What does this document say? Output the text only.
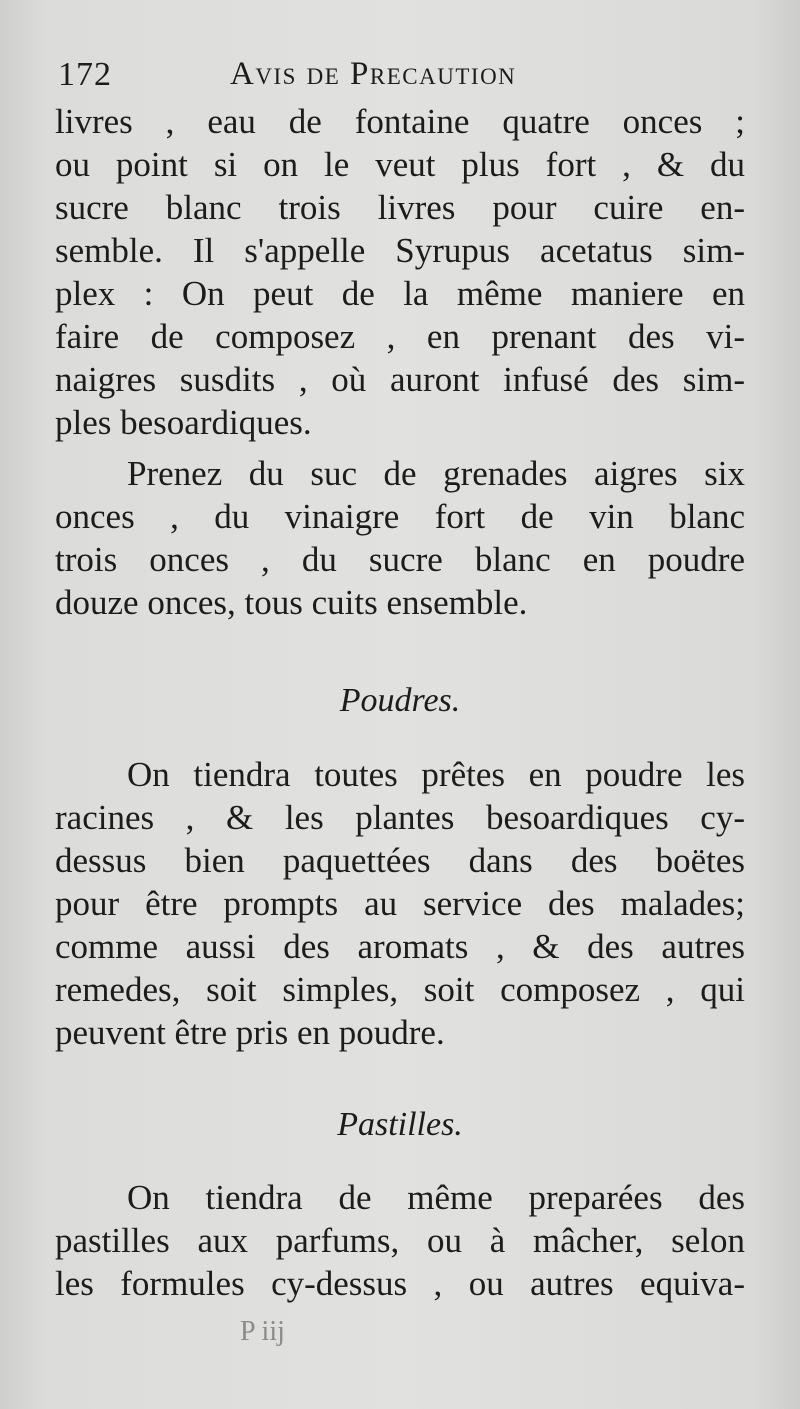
172	Avis de Precaution
livres , eau de fontaine quatre onces ;
ou point si on le veut plus fort , & du
sucre blanc trois livres pour cuire en-
semble. Il s'appelle Syrupus acetatus sim-
plex : On peut de la même maniere en
faire de composez , en prenant des vi-
naigres susdits , où auront infusé des sim-
ples besoardiques.
Prenez du suc de grenades aigres six
onces , du vinaigre fort de vin blanc
trois onces , du sucre blanc en poudre
douze onces, tous cuits ensemble.
Poudres.
On tiendra toutes prêtes en poudre les
racines , & les plantes besoardiques cy-
dessus bien paquettées dans des boëtes
pour être prompts au service des malades;
comme aussi des aromats , & des autres
remedes, soit simples, soit composez , qui
peuvent être pris en poudre.
Pastilles.
On tiendra de même preparées des
pastilles aux parfums, ou à mâcher, selon
les formules cy-dessus , ou autres equiva-
P iij
